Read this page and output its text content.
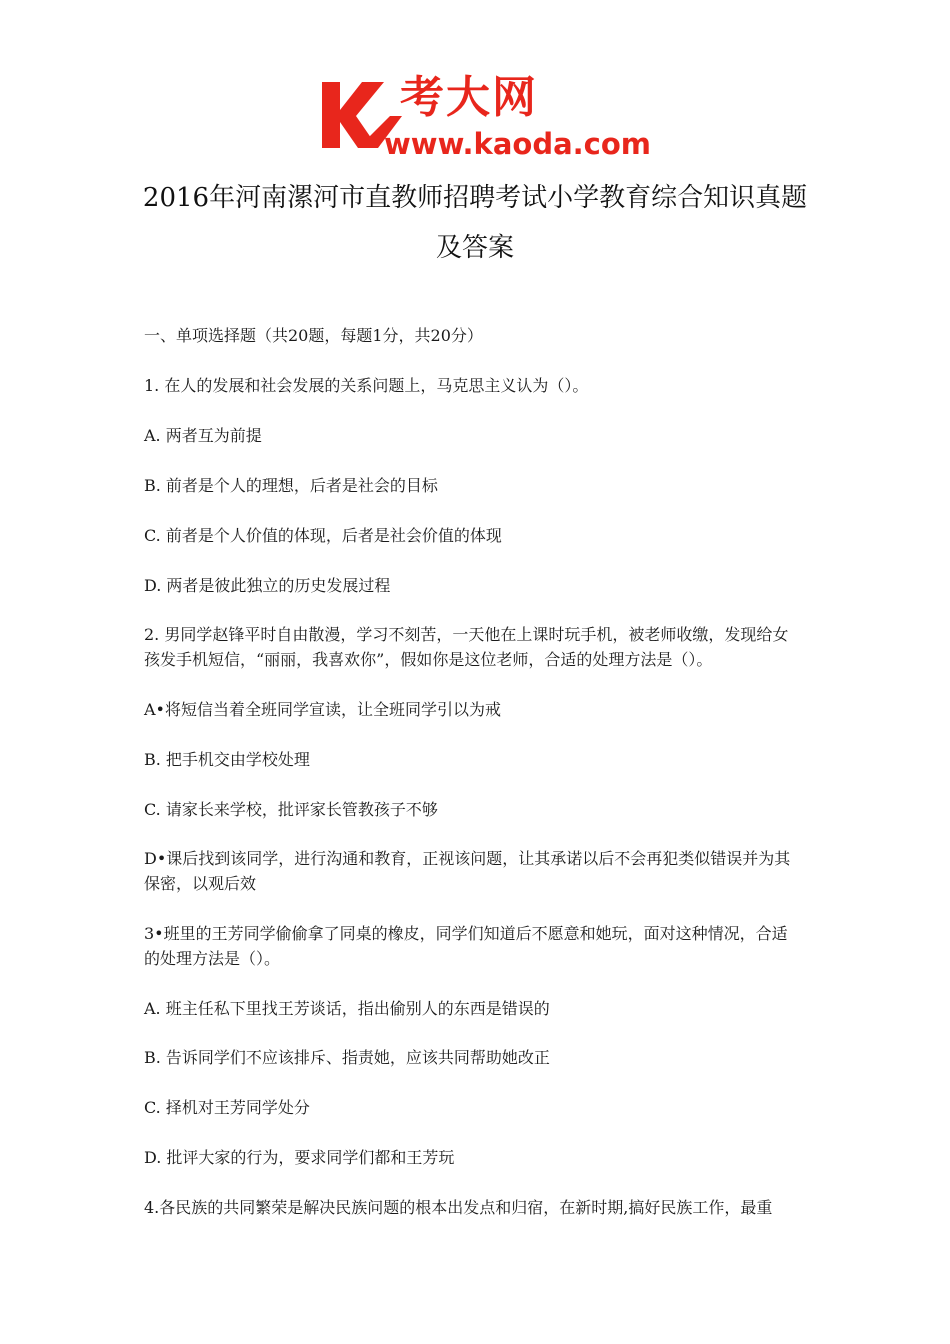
考大网
www.kaoda.com
2016年河南漯河市直教师招聘考试小学教育综合知识真题
及答案
一、单项选择题（共20题，每题1分，共20分）
1. 在人的发展和社会发展的关系问题上，马克思主义认为（）。
A. 两者互为前提
B. 前者是个人的理想，后者是社会的目标
C. 前者是个人价值的体现，后者是社会价值的体现
D. 两者是彼此独立的历史发展过程
2. 男同学赵锋平时自由散漫，学习不刻苦，一天他在上课时玩手机，被老师收缴，发现给女
孩发手机短信，“丽丽，我喜欢你”，假如你是这位老师，合适的处理方法是（）。
A•将短信当着全班同学宣读，让全班同学引以为戒
B. 把手机交由学校处理
C. 请家长来学校，批评家长管教孩子不够
D•课后找到该同学，进行沟通和教育，正视该问题，让其承诺以后不会再犯类似错误并为其
保密，以观后效
3•班里的王芳同学偷偷拿了同桌的橡皮，同学们知道后不愿意和她玩，面对这种情况，合适
的处理方法是（）。
A. 班主任私下里找王芳谈话，指出偷别人的东西是错误的
B. 告诉同学们不应该排斥、指责她，应该共同帮助她改正
C. 择机对王芳同学处分
D. 批评大家的行为，要求同学们都和王芳玩
4.各民族的共同繁荣是解决民族问题的根本出发点和归宿，在新时期,搞好民族工作，最重
